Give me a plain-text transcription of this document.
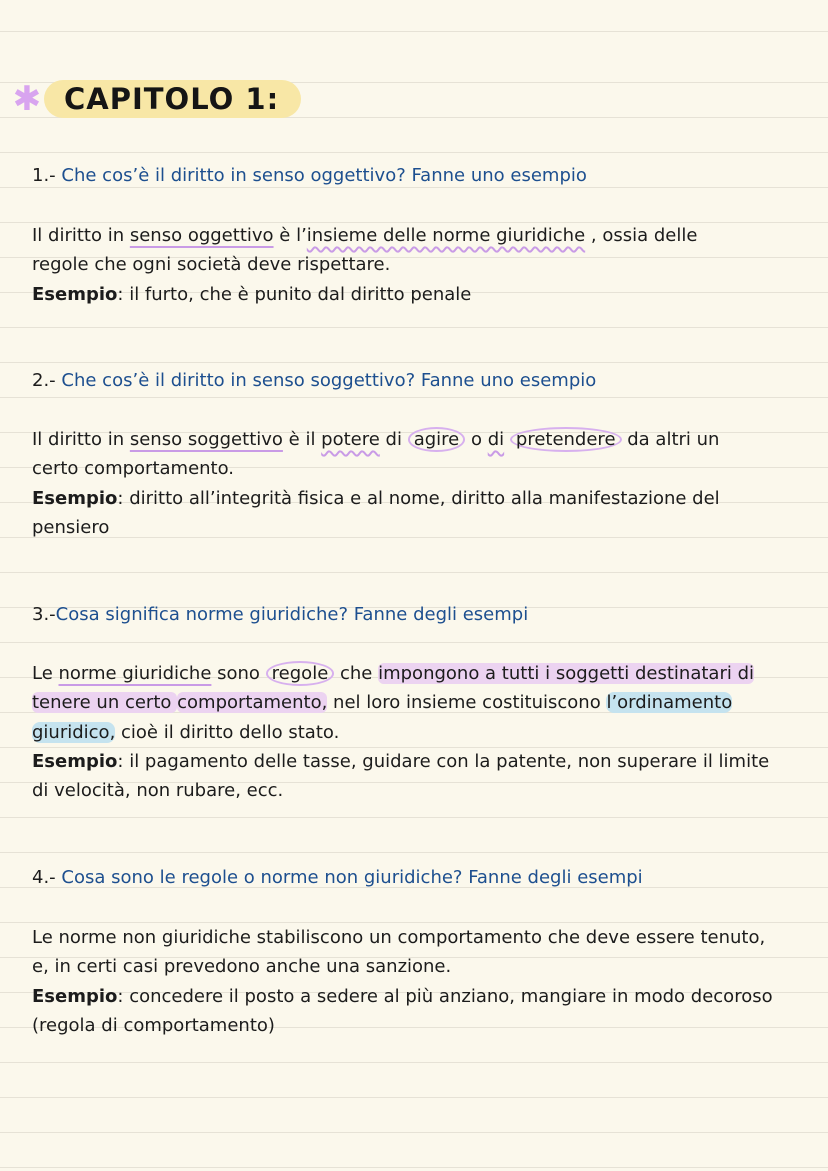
✱ CAPITOLO 1:
1.- Che cos’è il diritto in senso oggettivo? Fanne uno esempio

Il diritto in senso oggettivo è l’insieme delle norme giuridiche , ossia delle

regole che ogni società deve rispettare.

Esempio: il furto, che è punito dal diritto penale

2.- Che cos’è il diritto in senso soggettivo? Fanne uno esempio

Il diritto in senso soggettivo è il potere di agire o di pretendere da altri un

certo comportamento.

Esempio: diritto all’integrità fisica e al nome, diritto alla manifestazione del

pensiero

3.-Cosa significa norme giuridiche? Fanne degli esempi

Le norme giuridiche sono regole che impongono a tutti i soggetti destinatari di

tenere un certo comportamento, nel loro insieme costituiscono l’ordinamento

giuridico, cioè il diritto dello stato.

Esempio: il pagamento delle tasse, guidare con la patente, non superare il limite

di velocità, non rubare, ecc.

4.- Cosa sono le regole o norme non giuridiche? Fanne degli esempi

Le norme non giuridiche stabiliscono un comportamento che deve essere tenuto,

e, in certi casi prevedono anche una sanzione.

Esempio: concedere il posto a sedere al più anziano, mangiare in modo decoroso

(regola di comportamento)
